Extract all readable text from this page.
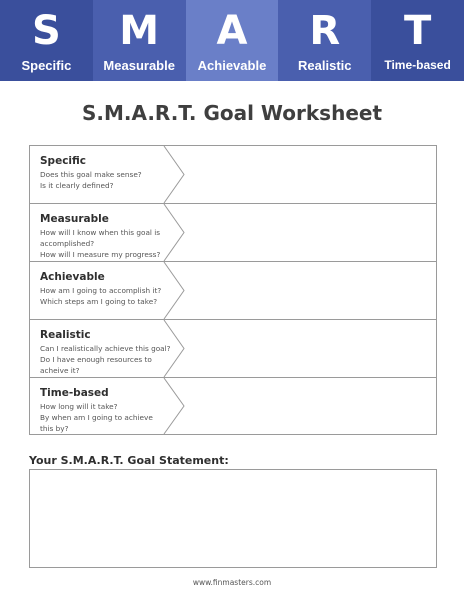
S
Specific
M
Measurable
A
Achievable
R
Realistic
T
Time-based
S.M.A.R.T. Goal Worksheet
Specific
Does this goal make sense?
Is it clearly defined?
Measurable
How will I know when this goal is
accomplished?
How will I measure my progress?
Achievable
How am I going to accomplish it?
Which steps am I going to take?
Realistic
Can I realistically achieve this goal?
Do I have enough resources to
acheive it?
Time-based
How long will it take?
By when am I going to achieve
this by?
Your S.M.A.R.T. Goal Statement:
www.finmasters.com
